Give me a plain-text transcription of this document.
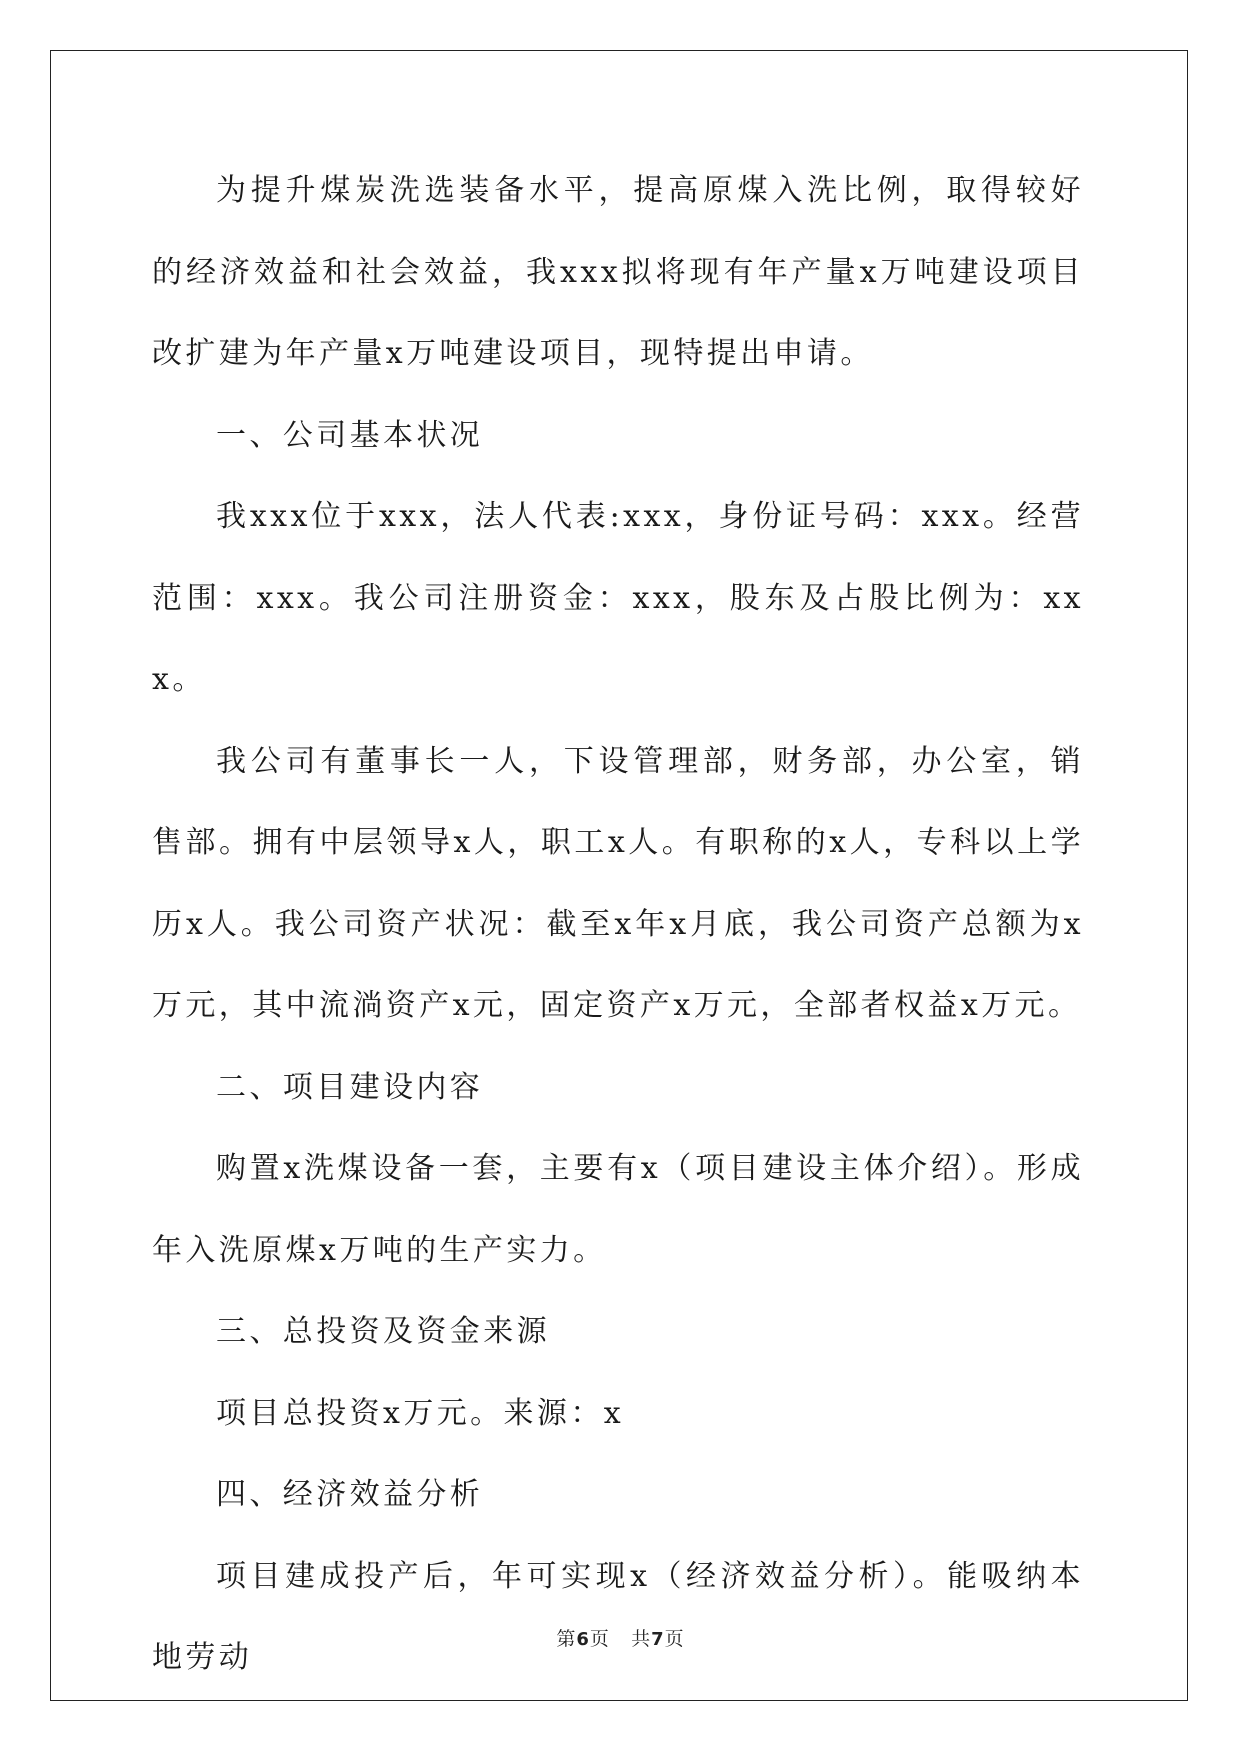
为提升煤炭洗选装备水平，提高原煤入洗比例，取得较好的经济效益和社会效益，我xxx拟将现有年产量x万吨建设项目改扩建为年产量x万吨建设项目，现特提出申请。

一、公司基本状况

我xxx位于xxx，法人代表:xxx，身份证号码：xxx。经营范围：xxx。我公司注册资金：xxx，股东及占股比例为：xxx。

我公司有董事长一人，下设管理部，财务部，办公室，销售部。拥有中层领导x人，职工x人。有职称的x人，专科以上学历x人。我公司资产状况：截至x年x月底，我公司资产总额为x万元，其中流淌资产x元，固定资产x万元，全部者权益x万元。

二、项目建设内容

购置x洗煤设备一套，主要有x（项目建设主体介绍）。形成年入洗原煤x万吨的生产实力。

三、总投资及资金来源

项目总投资x万元。来源：x

四、经济效益分析

项目建成投产后，年可实现x（经济效益分析）。能吸纳本地劳动

第6页 共7页
